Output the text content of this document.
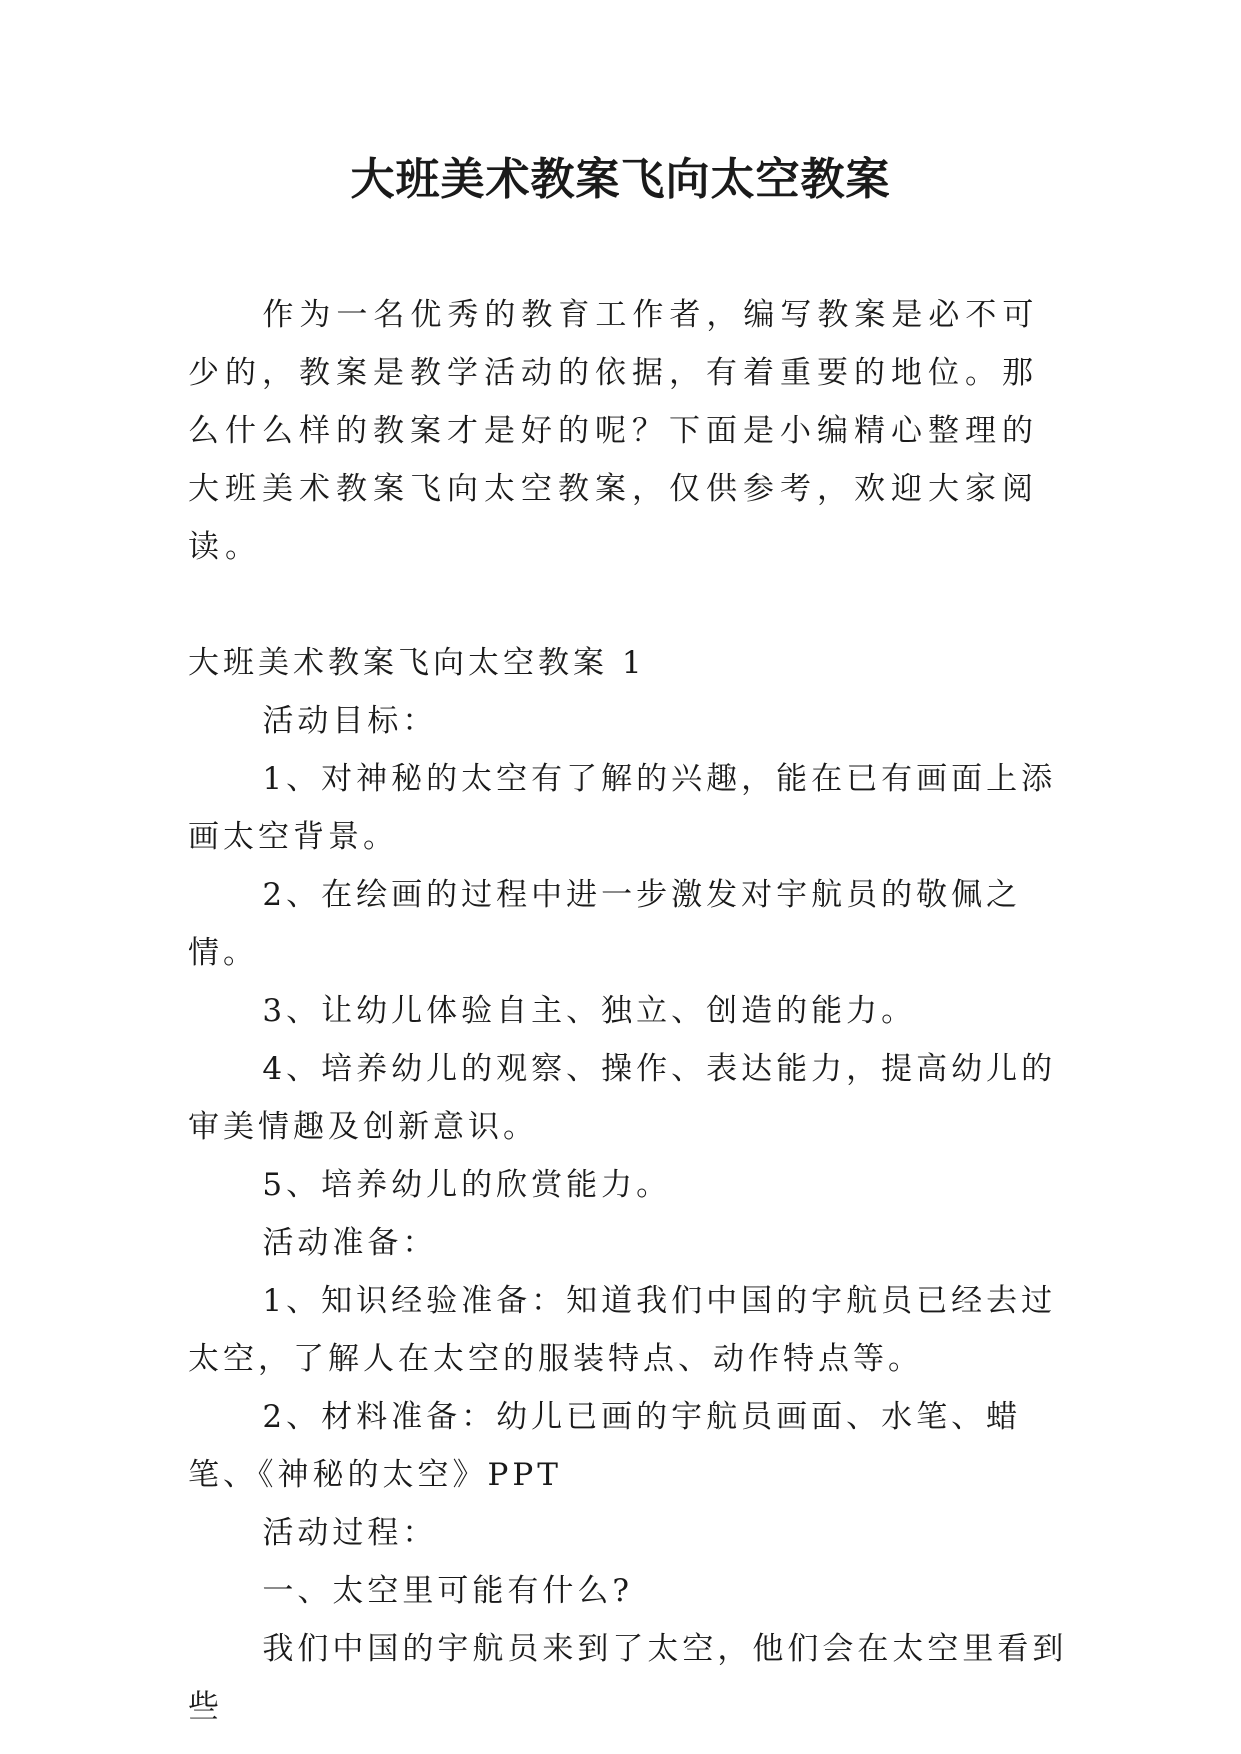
大班美术教案飞向太空教案

作为一名优秀的教育工作者，编写教案是必不可少的，教案是教学活动的依据，有着重要的地位。那么什么样的教案才是好的呢？下面是小编精心整理的大班美术教案飞向太空教案，仅供参考，欢迎大家阅读。

大班美术教案飞向太空教案 1

活动目标：

1、对神秘的太空有了解的兴趣，能在已有画面上添画太空背景。

2、在绘画的过程中进一步激发对宇航员的敬佩之情。

3、让幼儿体验自主、独立、创造的能力。

4、培养幼儿的观察、操作、表达能力，提高幼儿的审美情趣及创新意识。

5、培养幼儿的欣赏能力。

活动准备：

1、知识经验准备：知道我们中国的宇航员已经去过太空，了解人在太空的服装特点、动作特点等。

2、材料准备：幼儿已画的宇航员画面、水笔、蜡笔、《神秘的太空》PPT

活动过程：

一、太空里可能有什么?

我们中国的宇航员来到了太空，他们会在太空里看到些
